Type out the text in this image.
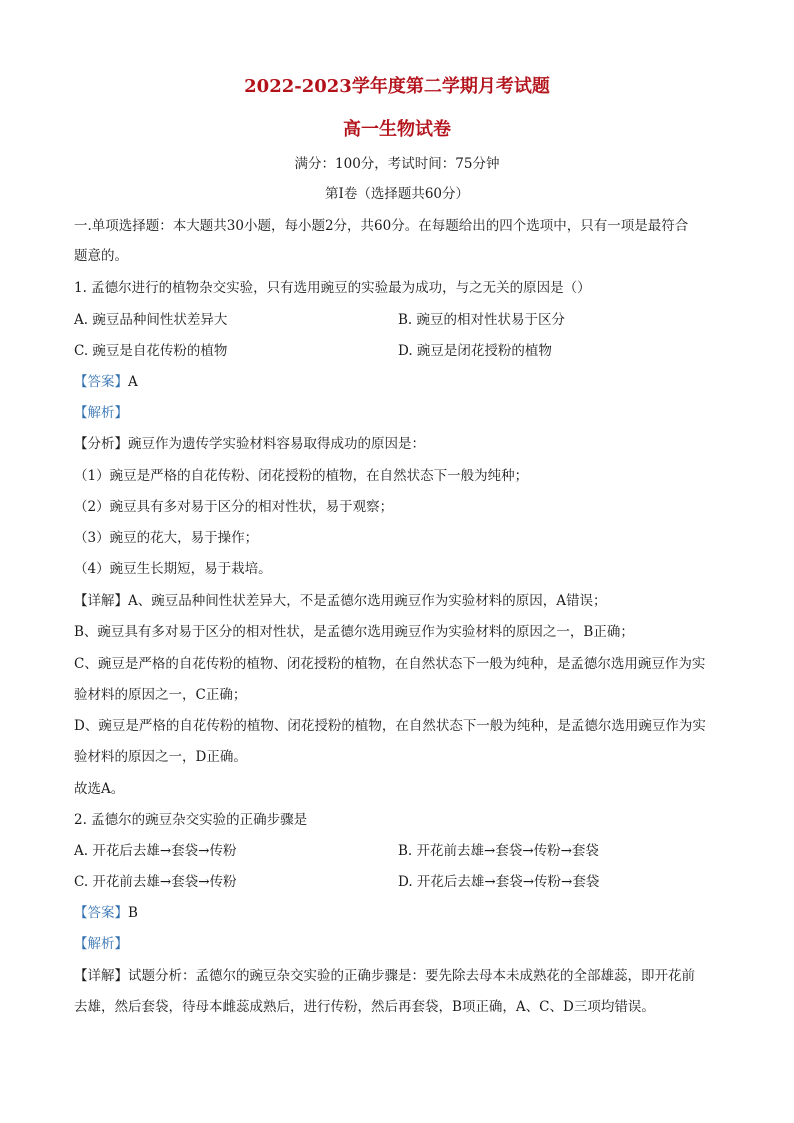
2022-2023学年度第二学期月考试题
高一生物试卷
满分：100分，考试时间：75分钟
第Ⅰ卷（选择题共60分）
一.单项选择题：本大题共30小题，每小题2分，共60分。在每题给出的四个选项中，只有一项是最符合
题意的。
1. 孟德尔进行的植物杂交实验，只有选用豌豆的实验最为成功，与之无关的原因是（）
A. 豌豆品种间性状差异大	B. 豌豆的相对性状易于区分
C. 豌豆是自花传粉的植物	D. 豌豆是闭花授粉的植物
【答案】A
【解析】
【分析】豌豆作为遗传学实验材料容易取得成功的原因是：
（1）豌豆是严格的自花传粉、闭花授粉的植物，在自然状态下一般为纯种；
（2）豌豆具有多对易于区分的相对性状，易于观察；
（3）豌豆的花大，易于操作；
（4）豌豆生长期短，易于栽培。
【详解】A、豌豆品种间性状差异大，不是孟德尔选用豌豆作为实验材料的原因，A错误；
B、豌豆具有多对易于区分的相对性状，是孟德尔选用豌豆作为实验材料的原因之一，B正确；
C、豌豆是严格的自花传粉的植物、闭花授粉的植物，在自然状态下一般为纯种，是孟德尔选用豌豆作为实
验材料的原因之一，C正确；
D、豌豆是严格的自花传粉的植物、闭花授粉的植物，在自然状态下一般为纯种，是孟德尔选用豌豆作为实
验材料的原因之一，D正确。
故选A。
2. 孟德尔的豌豆杂交实验的正确步骤是
A. 开花后去雄→套袋→传粉	B. 开花前去雄→套袋→传粉→套袋
C. 开花前去雄→套袋→传粉	D. 开花后去雄→套袋→传粉→套袋
【答案】B
【解析】
【详解】试题分析：孟德尔的豌豆杂交实验的正确步骤是：要先除去母本未成熟花的全部雄蕊，即开花前
去雄，然后套袋，待母本雌蕊成熟后，进行传粉，然后再套袋，B项正确，A、C、D三项均错误。
